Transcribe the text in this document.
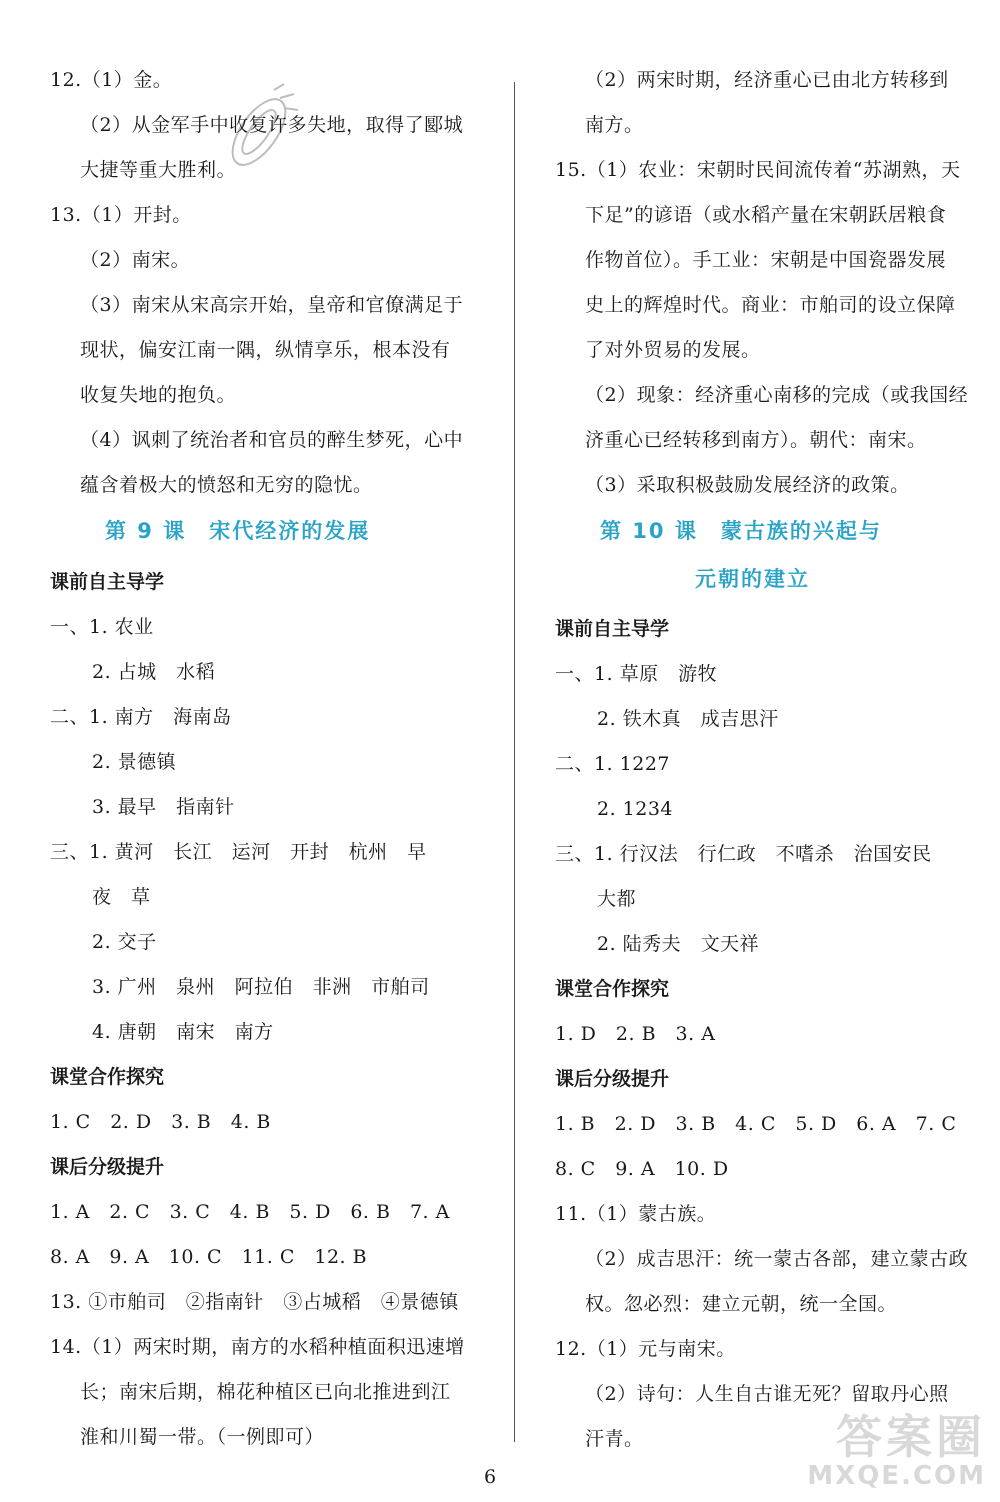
12.（1）金。
（2）从金军手中收复许多失地，取得了郾城
大捷等重大胜利。
13.（1）开封。
（2）南宋。
（3）南宋从宋高宗开始，皇帝和官僚满足于
现状，偏安江南一隅，纵情享乐，根本没有
收复失地的抱负。
（4）讽刺了统治者和官员的醉生梦死，心中
蕴含着极大的愤怒和无穷的隐忧。
第 9 课　宋代经济的发展
课前自主导学
一、1. 农业
2. 占城　水稻
二、1. 南方　海南岛
2. 景德镇
3. 最早　指南针
三、1. 黄河　长江　运河　开封　杭州　早
夜　草
2. 交子
3. 广州　泉州　阿拉伯　非洲　市舶司
4. 唐朝　南宋　南方
课堂合作探究
1. C　2. D　3. B　4. B
课后分级提升
1. A　2. C　3. C　4. B　5. D　6. B　7. A
8. A　9. A　10. C　11. C　12. B
13. ①市舶司　②指南针　③占城稻　④景德镇
14.（1）两宋时期，南方的水稻种植面积迅速增
长；南宋后期，棉花种植区已向北推进到江
淮和川蜀一带。（一例即可）
（2）两宋时期，经济重心已由北方转移到
南方。
15.（1）农业：宋朝时民间流传着“苏湖熟，天
下足”的谚语（或水稻产量在宋朝跃居粮食
作物首位）。手工业：宋朝是中国瓷器发展
史上的辉煌时代。商业：市舶司的设立保障
了对外贸易的发展。
（2）现象：经济重心南移的完成（或我国经
济重心已经转移到南方）。朝代：南宋。
（3）采取积极鼓励发展经济的政策。
第 10 课　蒙古族的兴起与
元朝的建立
课前自主导学
一、1. 草原　游牧
2. 铁木真　成吉思汗
二、1. 1227
2. 1234
三、1. 行汉法　行仁政　不嗜杀　治国安民
大都
2. 陆秀夫　文天祥
课堂合作探究
1. D　2. B　3. A
课后分级提升
1. B　2. D　3. B　4. C　5. D　6. A　7. C
8. C　9. A　10. D
11.（1）蒙古族。
（2）成吉思汗：统一蒙古各部，建立蒙古政
权。忽必烈：建立元朝，统一全国。
12.（1）元与南宋。
（2）诗句：人生自古谁无死？留取丹心照
汗青。
6
答案圈
MXQE.COM
